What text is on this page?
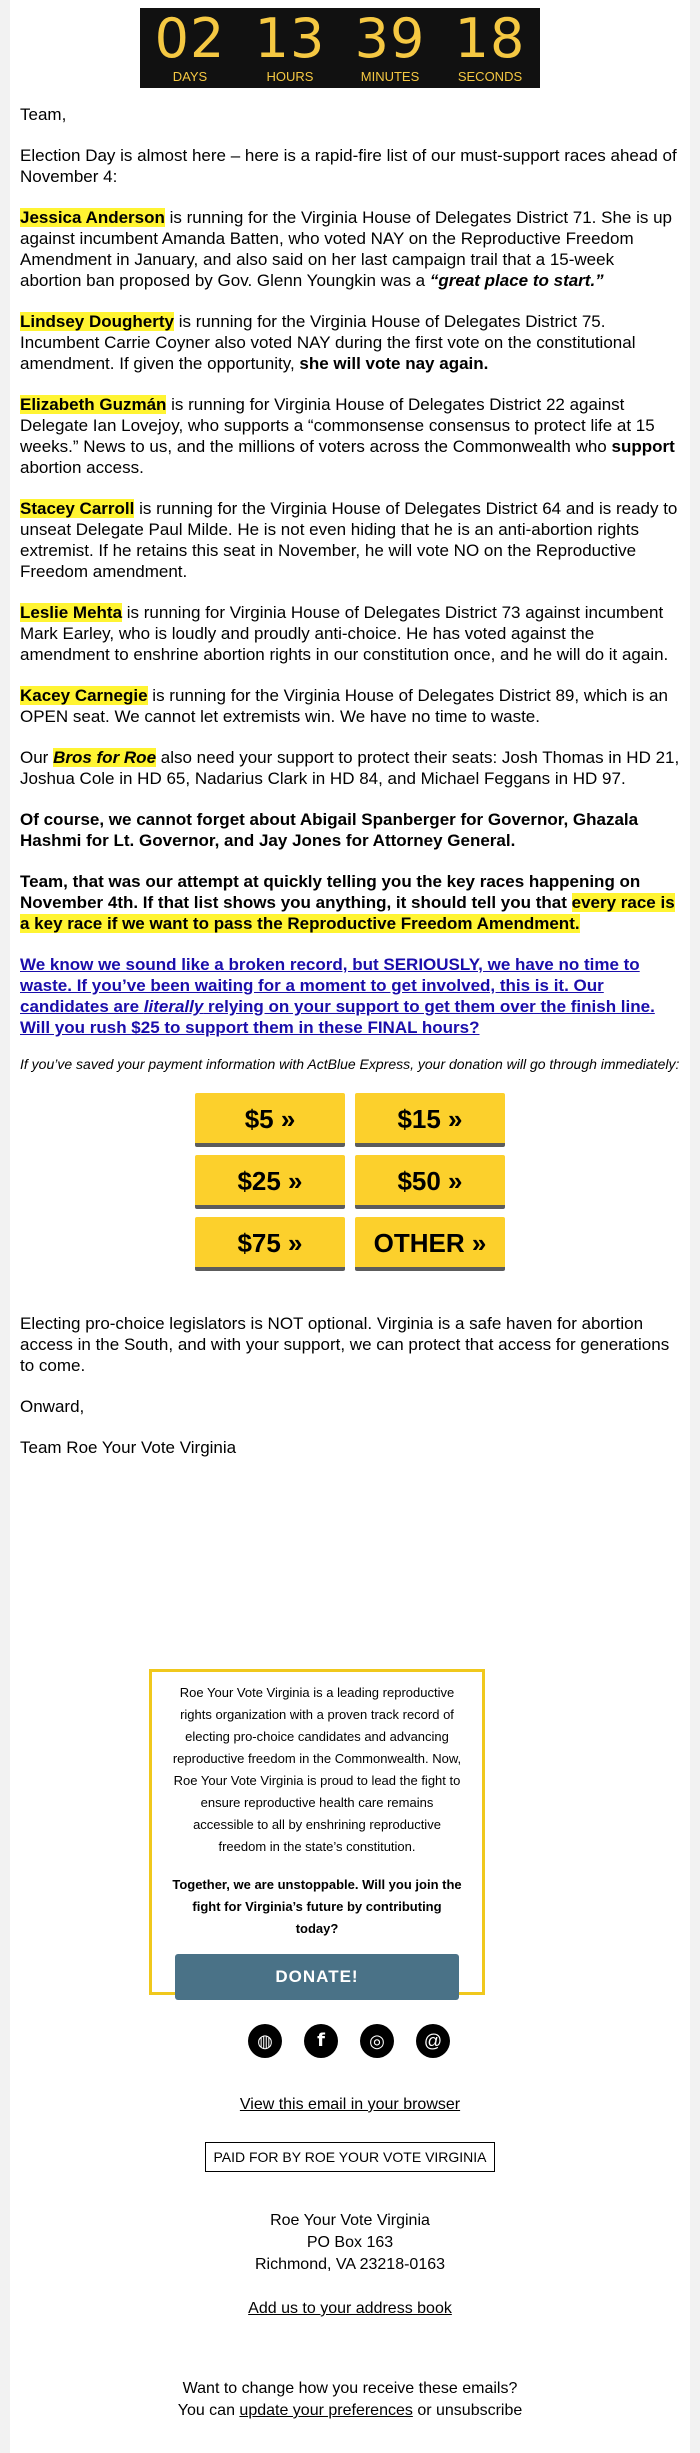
02
DAYS
13
HOURS
39
MINUTES
18
SECONDS

Team,

Election Day is almost here – here is a rapid-fire list of our must-support races ahead of November 4:

Jessica Anderson is running for the Virginia House of Delegates District 71. She is up against incumbent Amanda Batten, who voted NAY on the Reproductive Freedom Amendment in January, and also said on her last campaign trail that a 15-week abortion ban proposed by Gov. Glenn Youngkin was a “great place to start.”

Lindsey Dougherty is running for the Virginia House of Delegates District 75. Incumbent Carrie Coyner also voted NAY during the first vote on the constitutional amendment. If given the opportunity, she will vote nay again.

Elizabeth Guzmán is running for Virginia House of Delegates District 22 against Delegate Ian Lovejoy, who supports a “commonsense consensus to protect life at 15 weeks.” News to us, and the millions of voters across the Commonwealth who support abortion access.

Stacey Carroll is running for the Virginia House of Delegates District 64 and is ready to unseat Delegate Paul Milde. He is not even hiding that he is an anti-abortion rights extremist. If he retains this seat in November, he will vote NO on the Reproductive Freedom amendment.

Leslie Mehta is running for Virginia House of Delegates District 73 against incumbent Mark Earley, who is loudly and proudly anti-choice. He has voted against the amendment to enshrine abortion rights in our constitution once, and he will do it again.

Kacey Carnegie is running for the Virginia House of Delegates District 89, which is an OPEN seat. We cannot let extremists win. We have no time to waste.

Our Bros for Roe also need your support to protect their seats: Josh Thomas in HD 21, Joshua Cole in HD 65, Nadarius Clark in HD 84, and Michael Feggans in HD 97.

Of course, we cannot forget about Abigail Spanberger for Governor, Ghazala Hashmi for Lt. Governor, and Jay Jones for Attorney General.

Team, that was our attempt at quickly telling you the key races happening on November 4th. If that list shows you anything, it should tell you that every race is a key race if we want to pass the Reproductive Freedom Amendment.

We know we sound like a broken record, but SERIOUSLY, we have no time to waste. If you’ve been waiting for a moment to get involved, this is it. Our candidates are literally relying on your support to get them over the finish line. Will you rush $25 to support them in these FINAL hours?

If you’ve saved your payment information with ActBlue Express, your donation will go through immediately:

$5 »	$15 »
$25 »	$50 »
$75 »	OTHER »

Electing pro-choice legislators is NOT optional. Virginia is a safe haven for abortion access in the South, and with your support, we can protect that access for generations to come.

Onward,

Team Roe Your Vote Virginia

Roe Your Vote Virginia is a leading reproductive rights organization with a proven track record of electing pro-choice candidates and advancing reproductive freedom in the Commonwealth. Now, Roe Your Vote Virginia is proud to lead the fight to ensure reproductive health care remains accessible to all by enshrining reproductive freedom in the state’s constitution.
Together, we are unstoppable. Will you join the fight for Virginia’s future by contributing today?
DONATE!
◍	f	◎	@
View this email in your browser
PAID FOR BY ROE YOUR VOTE VIRGINIA
Roe Your Vote Virginia
PO Box 163
Richmond, VA 23218-0163
Add us to your address book
Want to change how you receive these emails?
You can update your preferences or unsubscribe
